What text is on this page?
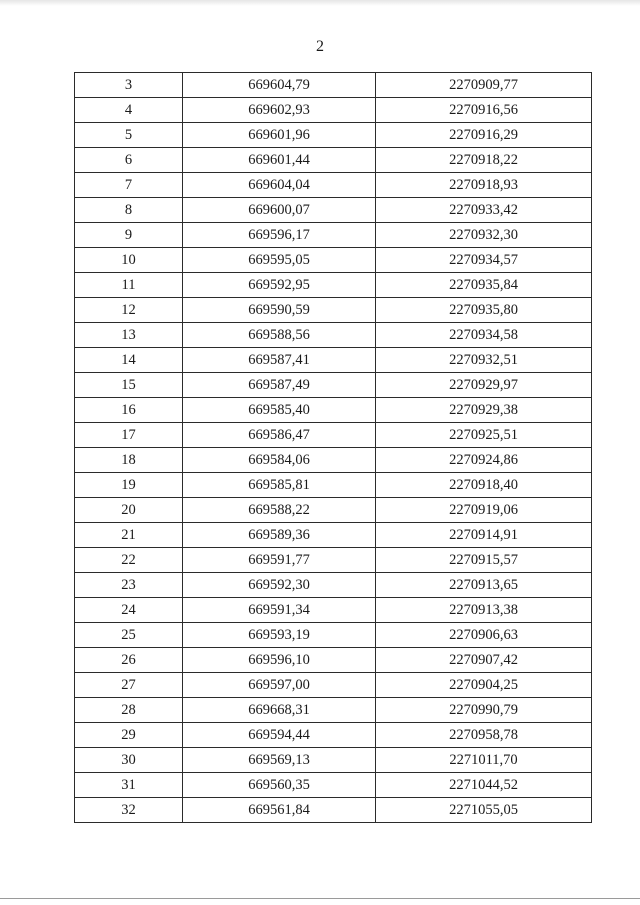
2
3	669604,79	2270909,77
4	669602,93	2270916,56
5	669601,96	2270916,29
6	669601,44	2270918,22
7	669604,04	2270918,93
8	669600,07	2270933,42
9	669596,17	2270932,30
10	669595,05	2270934,57
11	669592,95	2270935,84
12	669590,59	2270935,80
13	669588,56	2270934,58
14	669587,41	2270932,51
15	669587,49	2270929,97
16	669585,40	2270929,38
17	669586,47	2270925,51
18	669584,06	2270924,86
19	669585,81	2270918,40
20	669588,22	2270919,06
21	669589,36	2270914,91
22	669591,77	2270915,57
23	669592,30	2270913,65
24	669591,34	2270913,38
25	669593,19	2270906,63
26	669596,10	2270907,42
27	669597,00	2270904,25
28	669668,31	2270990,79
29	669594,44	2270958,78
30	669569,13	2271011,70
31	669560,35	2271044,52
32	669561,84	2271055,05
